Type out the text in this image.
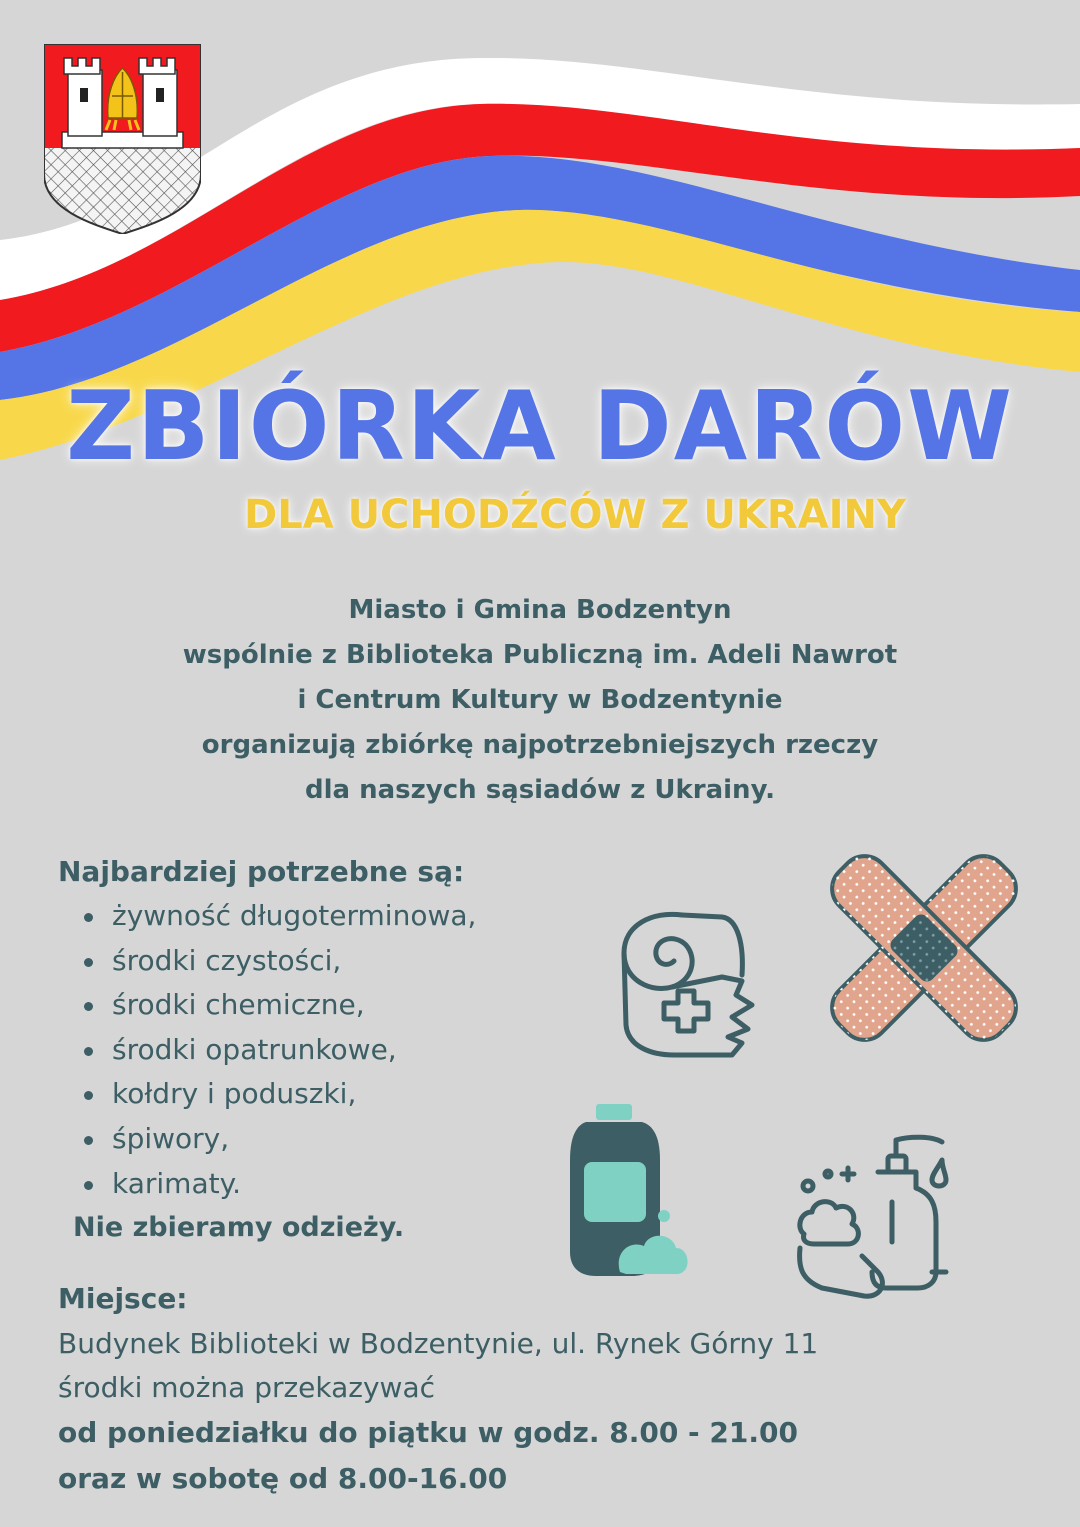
ZBIÓRKA DARÓW
DLA UCHODŹCÓW Z UKRAINY
Miasto i Gmina Bodzentyn
wspólnie z Biblioteka Publiczną im. Adeli Nawrot
i Centrum Kultury w Bodzentynie
organizują zbiórkę najpotrzebniejszych rzeczy
dla naszych sąsiadów z Ukrainy.
Najbardziej potrzebne są:
żywność długoterminowa,
środki czystości,
środki chemiczne,
środki opatrunkowe,
kołdry i poduszki,
śpiwory,
karimaty.
Nie zbieramy odzieży.
Miejsce:
Budynek Biblioteki w Bodzentynie, ul. Rynek Górny 11
środki można przekazywać
od poniedziałku do piątku w godz. 8.00 - 21.00
oraz w sobotę od 8.00-16.00
